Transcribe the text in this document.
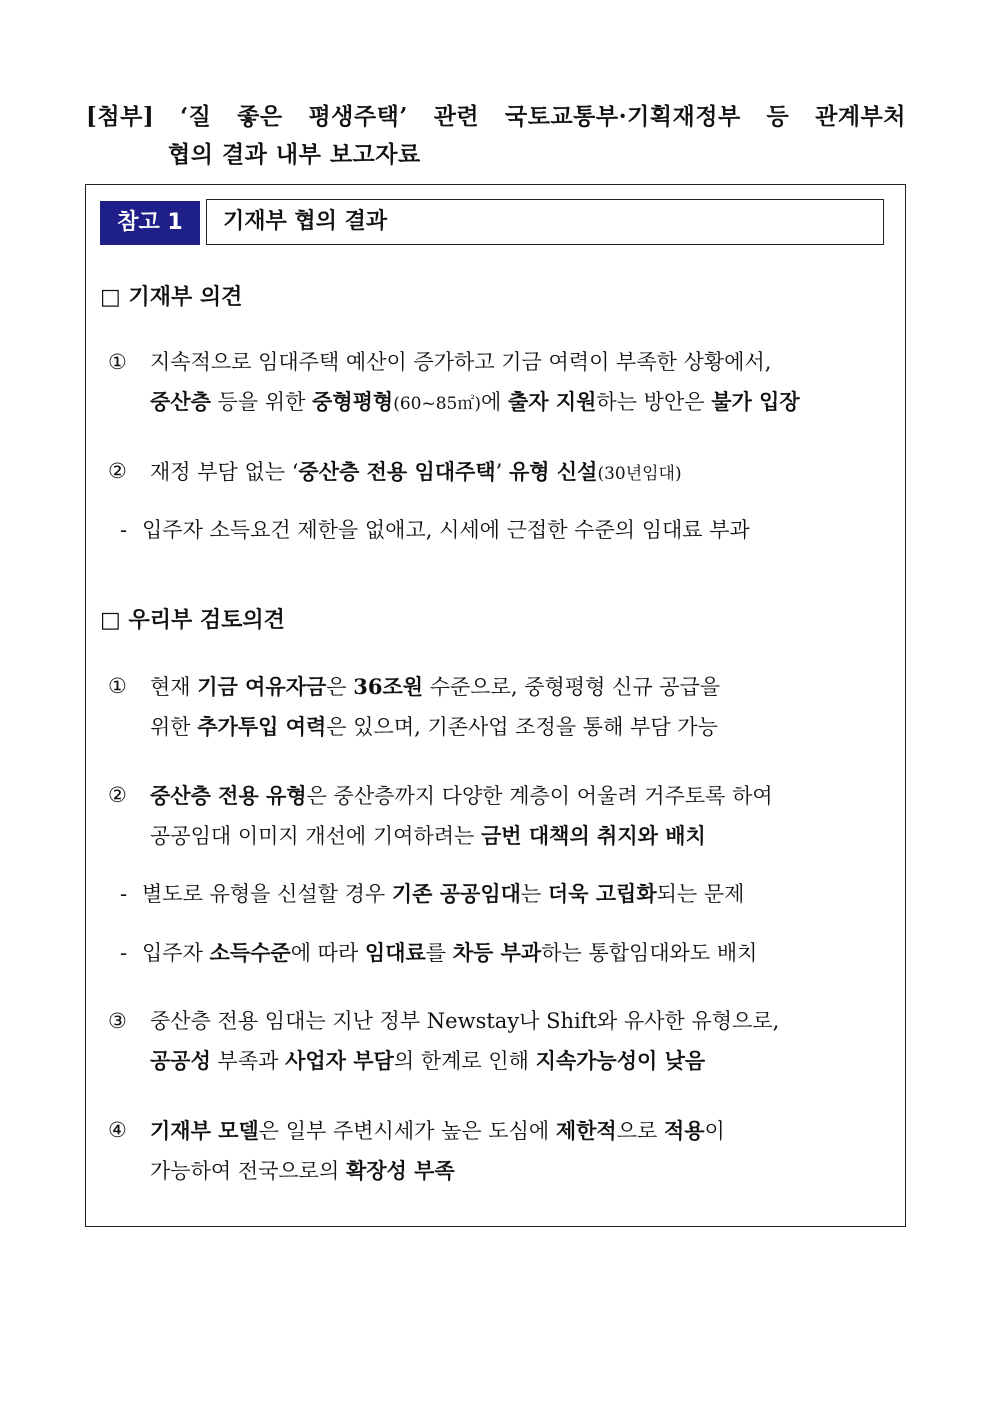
[첨부] ‘질 좋은 평생주택’ 관련 국토교통부·기획재정부 등 관계부처
협의 결과 내부 보고자료
참고 1	기재부 협의 결과
□ 기재부 의견
①	지속적으로 임대주택 예산이 증가하고 기금 여력이 부족한 상황에서,
중산층 등을 위한 중형평형(60~85㎡)에 출자 지원하는 방안은 불가 입장
②	재정 부담 없는 ‘중산층 전용 임대주택’ 유형 신설(30년임대)
- 입주자 소득요건 제한을 없애고, 시세에 근접한 수준의 임대료 부과
□ 우리부 검토의견
①	현재 기금 여유자금은 36조원 수준으로, 중형평형 신규 공급을
위한 추가투입 여력은 있으며, 기존사업 조정을 통해 부담 가능
②	중산층 전용 유형은 중산층까지 다양한 계층이 어울려 거주토록 하여
공공임대 이미지 개선에 기여하려는 금번 대책의 취지와 배치
- 별도로 유형을 신설할 경우 기존 공공임대는 더욱 고립화되는 문제
- 입주자 소득수준에 따라 임대료를 차등 부과하는 통합임대와도 배치
③	중산층 전용 임대는 지난 정부 Newstay나 Shift와 유사한 유형으로,
공공성 부족과 사업자 부담의 한계로 인해 지속가능성이 낮음
④	기재부 모델은 일부 주변시세가 높은 도심에 제한적으로 적용이
가능하여 전국으로의 확장성 부족
